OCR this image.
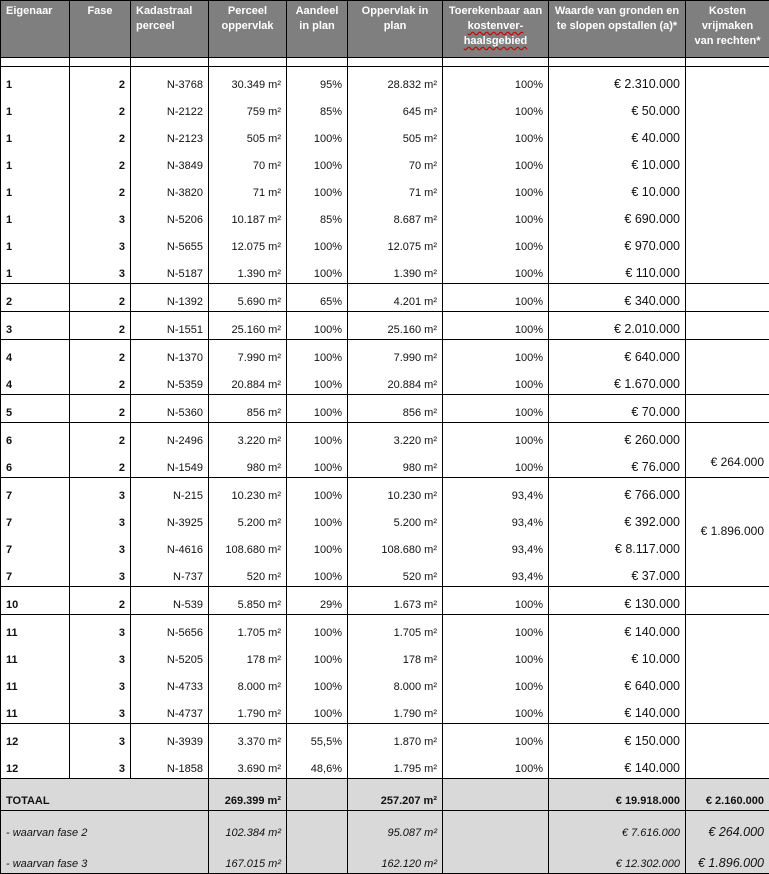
Eigenaar	Fase	Kadastraal perceel	Perceel oppervlak	Aandeel in plan	Oppervlak in plan	Toerekenbaar aan
kostenver-
haalsgebied	Waarde van gronden en te slopen opstallen (a)*	Kosten vrijmaken van rechten*

1	2	N-3768	30.349 m²	95%	28.832 m²	100%	€ 2.310.000	
1	2	N-2122	759 m²	85%	645 m²	100%	€ 50.000	
1	2	N-2123	505 m²	100%	505 m²	100%	€ 40.000	
1	2	N-3849	70 m²	100%	70 m²	100%	€ 10.000	
1	2	N-3820	71 m²	100%	71 m²	100%	€ 10.000	
1	3	N-5206	10.187 m²	85%	8.687 m²	100%	€ 690.000	
1	3	N-5655	12.075 m²	100%	12.075 m²	100%	€ 970.000	
1	3	N-5187	1.390 m²	100%	1.390 m²	100%	€ 110.000	
2	2	N-1392	5.690 m²	65%	4.201 m²	100%	€ 340.000	
3	2	N-1551	25.160 m²	100%	25.160 m²	100%	€ 2.010.000	
4	2	N-1370	7.990 m²	100%	7.990 m²	100%	€ 640.000	
4	2	N-5359	20.884 m²	100%	20.884 m²	100%	€ 1.670.000	
5	2	N-5360	856 m²	100%	856 m²	100%	€ 70.000	
6	2	N-2496	3.220 m²	100%	3.220 m²	100%	€ 260.000	
6	2	N-1549	980 m²	100%	980 m²	100%	€ 76.000	€ 264.000
7	3	N-215	10.230 m²	100%	10.230 m²	93,4%	€ 766.000	€ 1.896.000
7	3	N-3925	5.200 m²	100%	5.200 m²	93,4%	€ 392.000	
7	3	N-4616	108.680 m²	100%	108.680 m²	93,4%	€ 8.117.000	
7	3	N-737	520 m²	100%	520 m²	93,4%	€ 37.000	
10	2	N-539	5.850 m²	29%	1.673 m²	100%	€ 130.000	
11	3	N-5656	1.705 m²	100%	1.705 m²	100%	€ 140.000	
11	3	N-5205	178 m²	100%	178 m²	100%	€ 10.000	
11	3	N-4733	8.000 m²	100%	8.000 m²	100%	€ 640.000	
11	3	N-4737	1.790 m²	100%	1.790 m²	100%	€ 140.000	
12	3	N-3939	3.370 m²	55,5%	1.870 m²	100%	€ 150.000	
12	3	N-1858	3.690 m²	48,6%	1.795 m²	100%	€ 140.000	
TOTAAL			269.399 m²		257.207 m²		€ 19.918.000	€ 2.160.000
- waarvan fase 2			102.384 m²		95.087 m²		€ 7.616.000	€ 264.000
- waarvan fase 3			167.015 m²		162.120 m²		€ 12.302.000	€ 1.896.000
